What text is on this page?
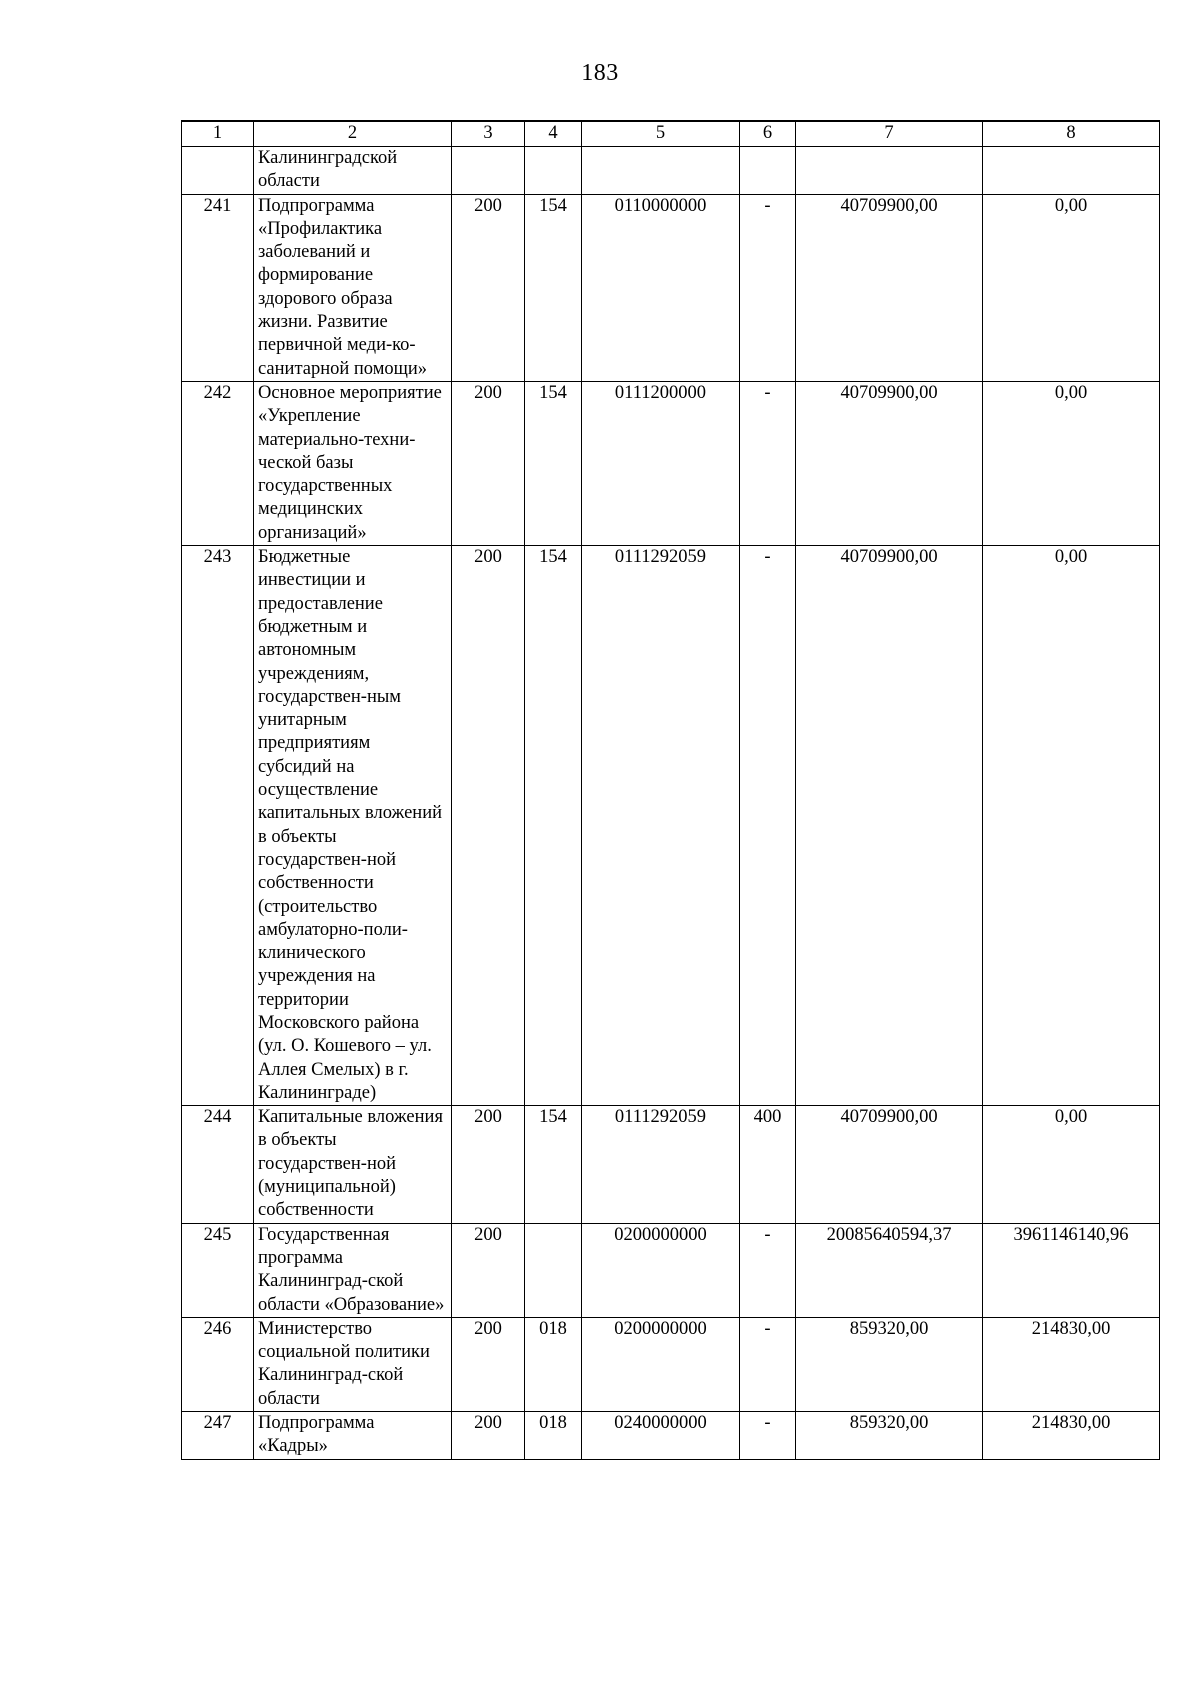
183
1	2	3	4	5	6	7	8
	Калининградской области						
241	Подпрограмма «Профилактика заболеваний и формирование здорового образа жизни. Развитие первичной меди-ко-санитарной помощи»	200	154	0110000000	-	40709900,00	0,00
242	Основное мероприятие «Укрепление материально-техни-ческой базы государственных медицинских организаций»	200	154	0111200000	-	40709900,00	0,00
243	Бюджетные инвестиции и предоставление бюджетным и автономным учреждениям, государствен-ным унитарным предприятиям субсидий на осуществление капитальных вложений в объекты государствен-ной собственности (строительство амбулаторно-поли-клинического учреждения на территории Московского района (ул. О. Кошевого – ул. Аллея Смелых) в г. Калининграде)	200	154	0111292059	-	40709900,00	0,00
244	Капитальные вложения в объекты государствен-ной (муниципальной) собственности	200	154	0111292059	400	40709900,00	0,00
245	Государственная программа Калининград-ской области «Образование»	200		0200000000	-	20085640594,37	3961146140,96
246	Министерство социальной политики Калининград-ской области	200	018	0200000000	-	859320,00	214830,00
247	Подпрограмма «Кадры»	200	018	0240000000	-	859320,00	214830,00
